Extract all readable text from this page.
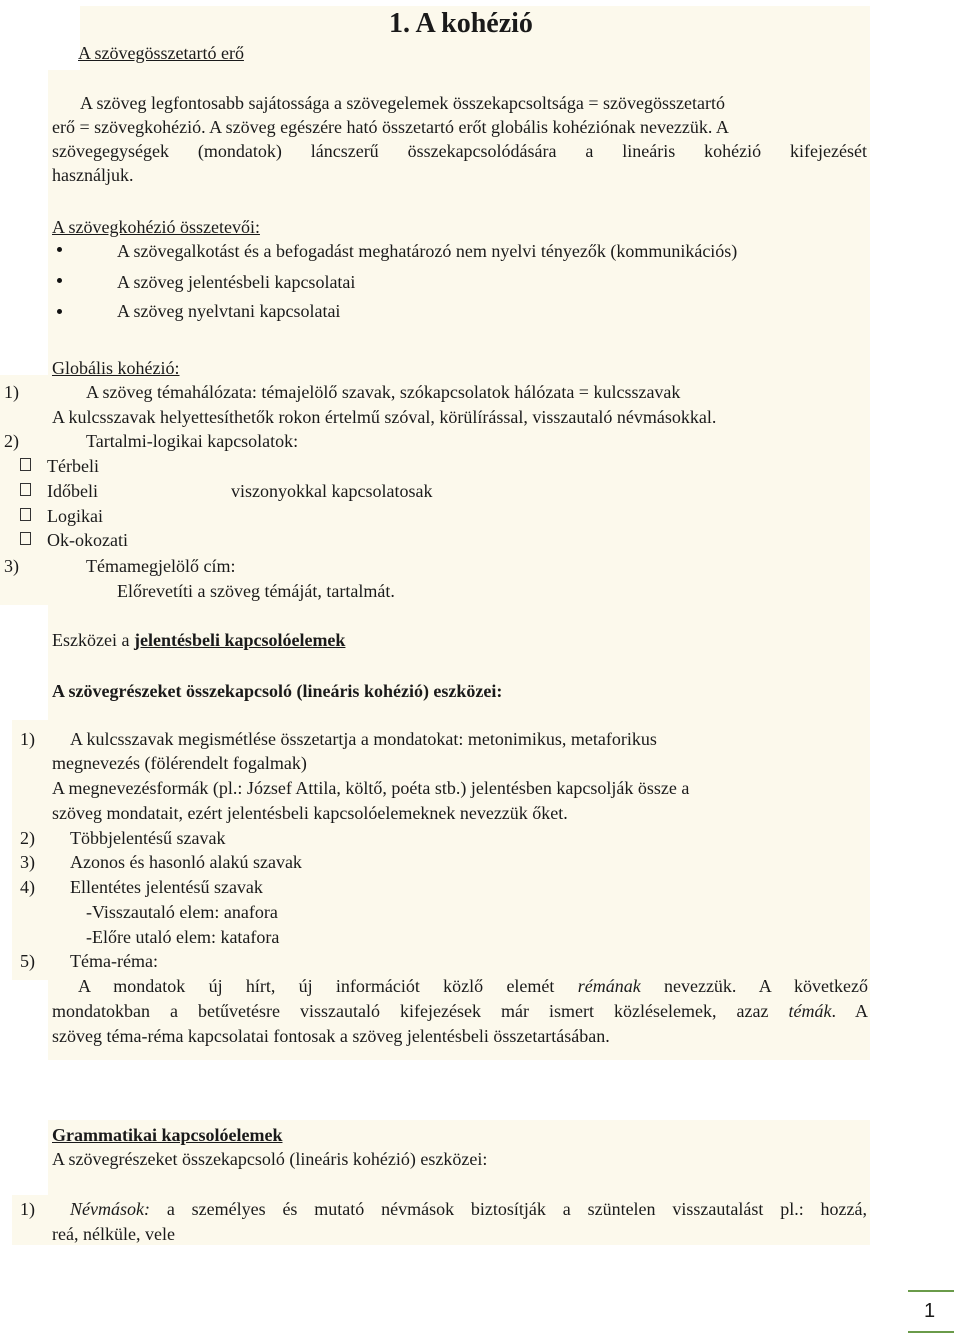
A szövegösszetartó erő
1. A kohézió
A szöveg legfontosabb sajátossága a szövegelemek összekapcsoltsága = szövegösszetartó
erő = szövegkohézió. A szöveg egészére ható összetartó erőt globális kohéziónak nevezzük. A
szövegegységek (mondatok) láncszerű összekapcsolódására a lineáris kohézió kifejezését
használjuk.
A szövegkohézió összetevői:
A szövegalkotást és a befogadást meghatározó nem nyelvi tényezők (kommunikációs)
A szöveg jelentésbeli kapcsolatai
A szöveg nyelvtani kapcsolatai
Globális kohézió:
1)	A szöveg témahálózata: témajelölő szavak, szókapcsolatok hálózata = kulcsszavak
A kulcsszavak helyettesíthetők rokon értelmű szóval, körülírással, visszautaló névmásokkal.
2)	Tartalmi-logikai kapcsolatok:
Térbeli
Időbeli	viszonyokkal kapcsolatosak
Logikai
Ok-okozati
3)	Témamegjelölő cím:
Előrevetíti a szöveg témáját, tartalmát.
Eszközei a jelentésbeli kapcsolóelemek
A szövegrészeket összekapcsoló (lineáris kohézió) eszközei:
1) A kulcsszavak megismétlése összetartja a mondatokat: metonimikus, metaforikus
megnevezés (fölérendelt fogalmak)
A megnevezésformák (pl.: József Attila, költő, poéta stb.) jelentésben kapcsolják össze a
szöveg mondatait, ezért jelentésbeli kapcsolóelemeknek nevezzük őket.
2) Többjelentésű szavak
3) Azonos és hasonló alakú szavak
4) Ellentétes jelentésű szavak
-Visszautaló elem: anafora
-Előre utaló elem: katafora
5) Téma-réma:
A mondatok új hírt, új információt közlő elemét rémának nevezzük. A következő
mondatokban a betűvetésre visszautaló kifejezések már ismert közléselemek, azaz témák. A
szöveg téma-réma kapcsolatai fontosak a szöveg jelentésbeli összetartásában.
Grammatikai kapcsolóelemek
A szövegrészeket összekapcsoló (lineáris kohézió) eszközei:
1) Névmások: a személyes és mutató névmások biztosítják a szüntelen visszautalást pl.: hozzá,
reá, nélküle, vele
1
